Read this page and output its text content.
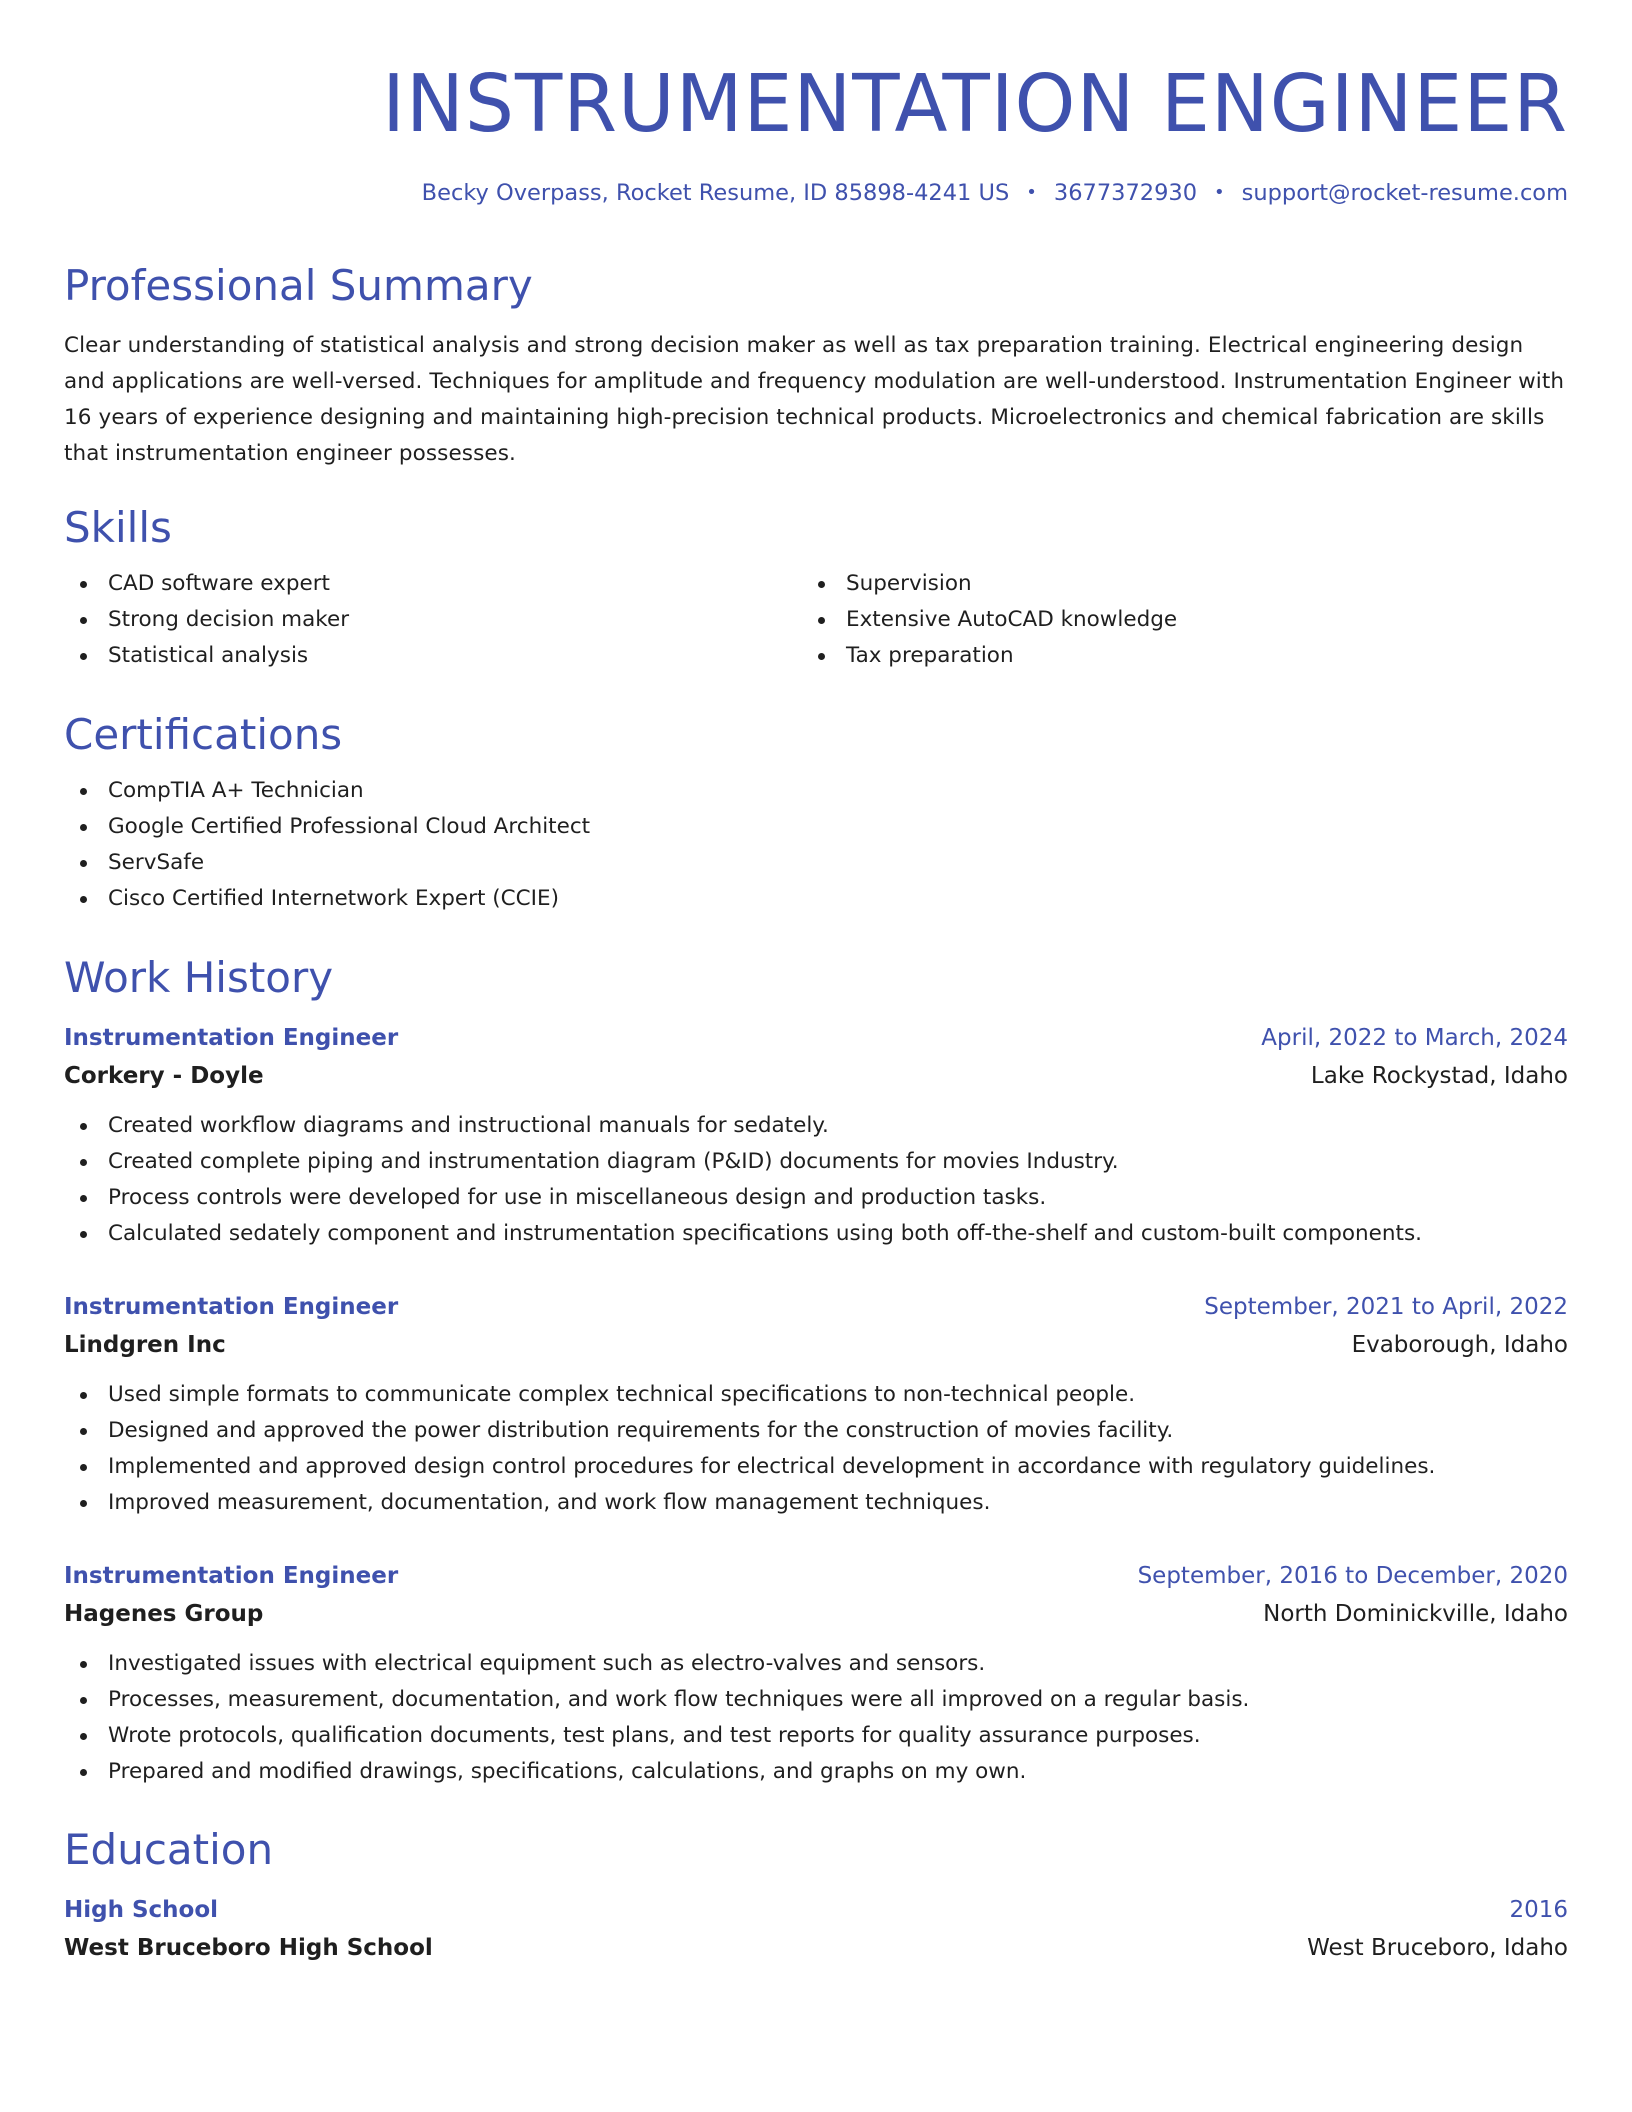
INSTRUMENTATION ENGINEER
Becky Overpass, Rocket Resume, ID 85898-4241 US • 3677372930 • support@rocket-resume.com
Professional Summary

Clear understanding of statistical analysis and strong decision maker as well as tax preparation training. Electrical engineering design and applications are well-versed. Techniques for amplitude and frequency modulation are well-understood. Instrumentation Engineer with 16 years of experience designing and maintaining high-precision technical products. Microelectronics and chemical fabrication are skills that instrumentation engineer possesses.

Skills
CAD software expert
Strong decision maker
Statistical analysis
Supervision
Extensive AutoCAD knowledge
Tax preparation
Certifications
CompTIA A+ Technician
Google Certified Professional Cloud Architect
ServSafe
Cisco Certified Internetwork Expert (CCIE)
Work History
Instrumentation Engineer	April, 2022 to March, 2024
Corkery - Doyle	Lake Rockystad, Idaho
Created workflow diagrams and instructional manuals for sedately.
Created complete piping and instrumentation diagram (P&ID) documents for movies Industry.
Process controls were developed for use in miscellaneous design and production tasks.
Calculated sedately component and instrumentation specifications using both off-the-shelf and custom-built components.
Instrumentation Engineer	September, 2021 to April, 2022
Lindgren Inc	Evaborough, Idaho
Used simple formats to communicate complex technical specifications to non-technical people.
Designed and approved the power distribution requirements for the construction of movies facility.
Implemented and approved design control procedures for electrical development in accordance with regulatory guidelines.
Improved measurement, documentation, and work flow management techniques.
Instrumentation Engineer	September, 2016 to December, 2020
Hagenes Group	North Dominickville, Idaho
Investigated issues with electrical equipment such as electro-valves and sensors.
Processes, measurement, documentation, and work flow techniques were all improved on a regular basis.
Wrote protocols, qualification documents, test plans, and test reports for quality assurance purposes.
Prepared and modified drawings, specifications, calculations, and graphs on my own.
Education
High School	2016
West Bruceboro High School	West Bruceboro, Idaho
